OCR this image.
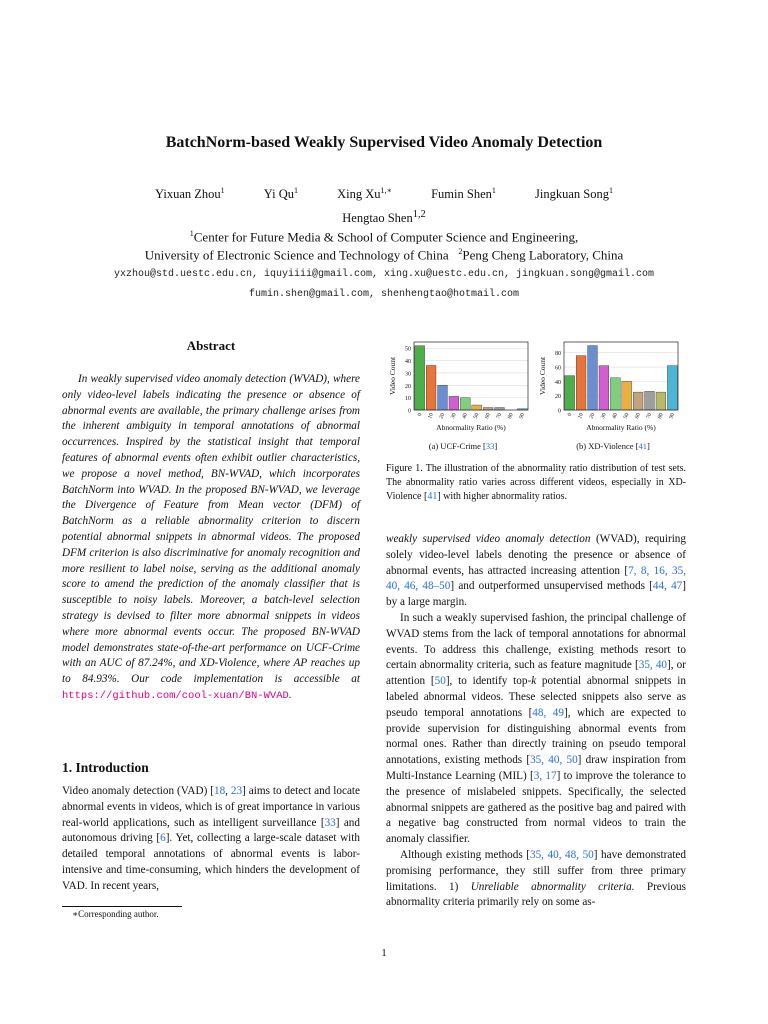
BatchNorm-based Weakly Supervised Video Anomaly Detection
Yixuan Zhou$^1$	Yi Qu$^1$	Xing $Xu^{1,∗}$	Fumin Shen$^1$	Jingkuan Song$^1$
Hengtao Shen$^{1,2}$
$^1$Center for Future Media & School of Computer Science and Engineering,
University of Electronic Science and Technology of China $^2$Peng Cheng Laboratory, China
yxzhou@std.uestc.edu.cn, iquyiiii@gmail.com, xing.xu@uestc.edu.cn, jingkuan.song@gmail.com
fumin.shen@gmail.com, shenhengtao@hotmail.com
Abstract
In weakly supervised video anomaly detection (WVAD), where only video-level labels indicating the presence or absence of abnormal events are available, the primary challenge arises from the inherent ambiguity in temporal annotations of abnormal occurrences. Inspired by the statistical insight that temporal features of abnormal events often exhibit outlier characteristics, we propose a novel method, BN-WVAD, which incorporates BatchNorm into WVAD. In the proposed BN-WVAD, we leverage the Divergence of Feature from Mean vector (DFM) of BatchNorm as a reliable abnormality criterion to discern potential abnormal snippets in abnormal videos. The proposed DFM criterion is also discriminative for anomaly recognition and more resilient to label noise, serving as the additional anomaly score to amend the prediction of the anomaly classifier that is susceptible to noisy labels. Moreover, a batch-level selection strategy is devised to filter more abnormal snippets in videos where more abnormal events occur. The proposed BN-WVAD model demonstrates state-of-the-art performance on UCF-Crime with an AUC of 87.24%, and XD-Violence, where AP reaches up to 84.93%. Our code implementation is accessible at https://github.com/cool-xuan/BN-WVAD.
1. Introduction
Video anomaly detection (VAD) [18, 23] aims to detect and locate abnormal events in videos, which is of great importance in various real-world applications, such as intelligent surveillance [33] and autonomous driving [6]. Yet, collecting a large-scale dataset with detailed temporal annotations of abnormal events is labor-intensive and time-consuming, which hinders the development of VAD. In recent years,
∗Corresponding author.
0
10
20
30
40
50
0 10 20 30 40 50 60 70 80 90
Abnormality Ratio (%)
Video Count
(a) UCF-Crime [33]
0
20
40
60
80
0 10 20 30 40 50 60 70 80 90
Abnormality Ratio (%)
Video Count
(b) XD-Violence [41]
Figure 1. The illustration of the abnormality ratio distribution of test sets. The abnormality ratio varies across different videos, especially in XD-Violence [41] with higher abnormality ratios.

weakly supervised video anomaly detection (WVAD), requiring solely video-level labels denoting the presence or absence of abnormal events, has attracted increasing attention [7, 8, 16, 35, 40, 46, 48–50] and outperformed unsupervised methods [44, 47] by a large margin.

In such a weakly supervised fashion, the principal challenge of WVAD stems from the lack of temporal annotations for abnormal events. To address this challenge, existing methods resort to certain abnormality criteria, such as feature magnitude [35, 40], or attention [50], to identify top-k potential abnormal snippets in labeled abnormal videos. These selected snippets also serve as pseudo temporal annotations [48, 49], which are expected to provide supervision for distinguishing abnormal events from normal ones. Rather than directly training on pseudo temporal annotations, existing methods [35, 40, 50] draw inspiration from Multi-Instance Learning (MIL) [3, 17] to improve the tolerance to the presence of mislabeled snippets. Specifically, the selected abnormal snippets are gathered as the positive bag and paired with a negative bag constructed from normal videos to train the anomaly classifier.

Although existing methods [35, 40, 48, 50] have demonstrated promising performance, they still suffer from three primary limitations. 1) Unreliable abnormality criteria. Previous abnormality criteria primarily rely on some as-

1
